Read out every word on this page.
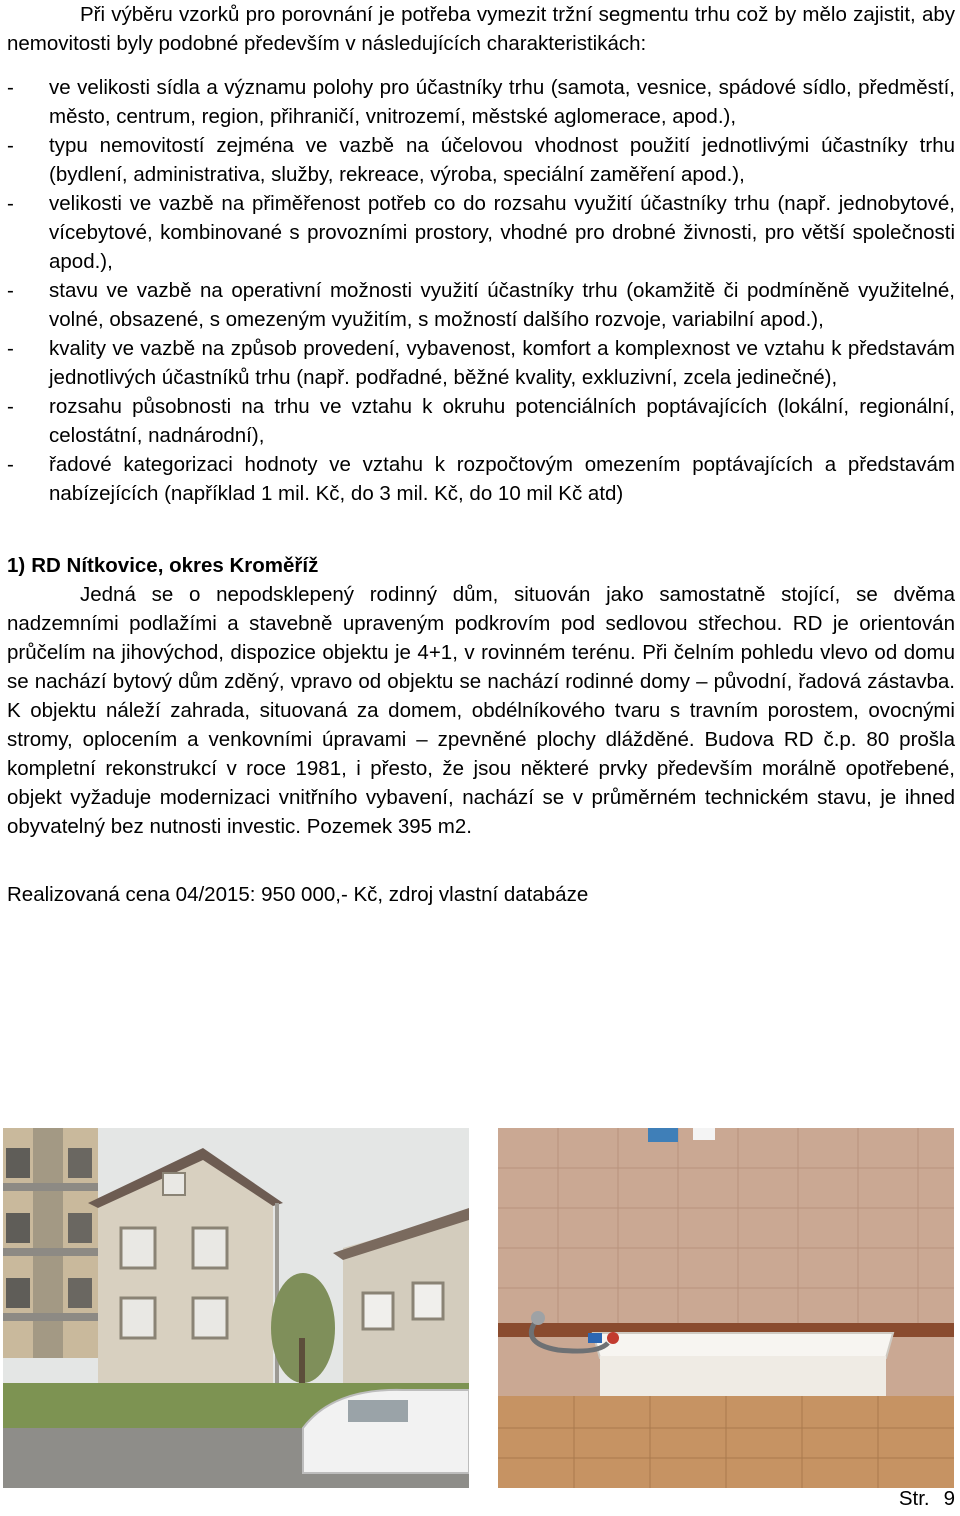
Při výběru vzorků pro porovnání je potřeba vymezit tržní segmentu trhu což by mělo zajistit, aby nemovitosti byly podobné především v následujících charakteristikách:

- ve velikosti sídla a významu polohy pro účastníky trhu (samota, vesnice, spádové sídlo, předměstí, město, centrum, region, přihraničí, vnitrozemí, městské aglomerace, apod.),
- typu nemovitostí zejména ve vazbě na účelovou vhodnost použití jednotlivými účastníky trhu (bydlení, administrativa, služby, rekreace, výroba, speciální zaměření apod.),
- velikosti ve vazbě na přiměřenost potřeb co do rozsahu využití účastníky trhu (např. jednobytové, vícebytové, kombinované s provozními prostory, vhodné pro drobné živnosti, pro větší společnosti apod.),
- stavu ve vazbě na operativní možnosti využití účastníky trhu (okamžitě či podmíněně využitelné, volné, obsazené, s omezeným využitím, s možností dalšího rozvoje, variabilní apod.),
- kvality ve vazbě na způsob provedení, vybavenost, komfort a komplexnost ve vztahu k představám jednotlivých účastníků trhu (např. podřadné, běžné kvality, exkluzivní, zcela jedinečné),
- rozsahu působnosti na trhu ve vztahu k okruhu potenciálních poptávajících (lokální, regionální, celostátní, nadnárodní),
- řadové kategorizaci hodnoty ve vztahu k rozpočtovým omezením poptávajících a představám nabízejících (například 1 mil. Kč, do 3 mil. Kč, do 10 mil Kč atd)
1) RD Nítkovice, okres Kroměříž

Jedná se o nepodsklepený rodinný dům, situován jako samostatně stojící, se dvěma nadzemními podlažími a stavebně upraveným podkrovím pod sedlovou střechou. RD je orientován průčelím na jihovýchod, dispozice objektu je 4+1, v rovinném terénu. Při čelním pohledu vlevo od domu se nachází bytový dům zděný, vpravo od objektu se nachází rodinné domy – původní, řadová zástavba. K objektu náleží zahrada, situovaná za domem, obdélníkového tvaru s travním porostem, ovocnými stromy, oplocením a venkovními úpravami – zpevněné plochy dlážděné. Budova RD č.p. 80 prošla kompletní rekonstrukcí v roce 1981, i přesto, že jsou některé prvky především morálně opotřebené, objekt vyžaduje modernizaci vnitřního vybavení, nachází se v průměrném technickém stavu, je ihned obyvatelný bez nutnosti investic. Pozemek 395 m2.

Realizovaná cena 04/2015: 950 000,- Kč, zdroj vlastní databáze

Str. 9
